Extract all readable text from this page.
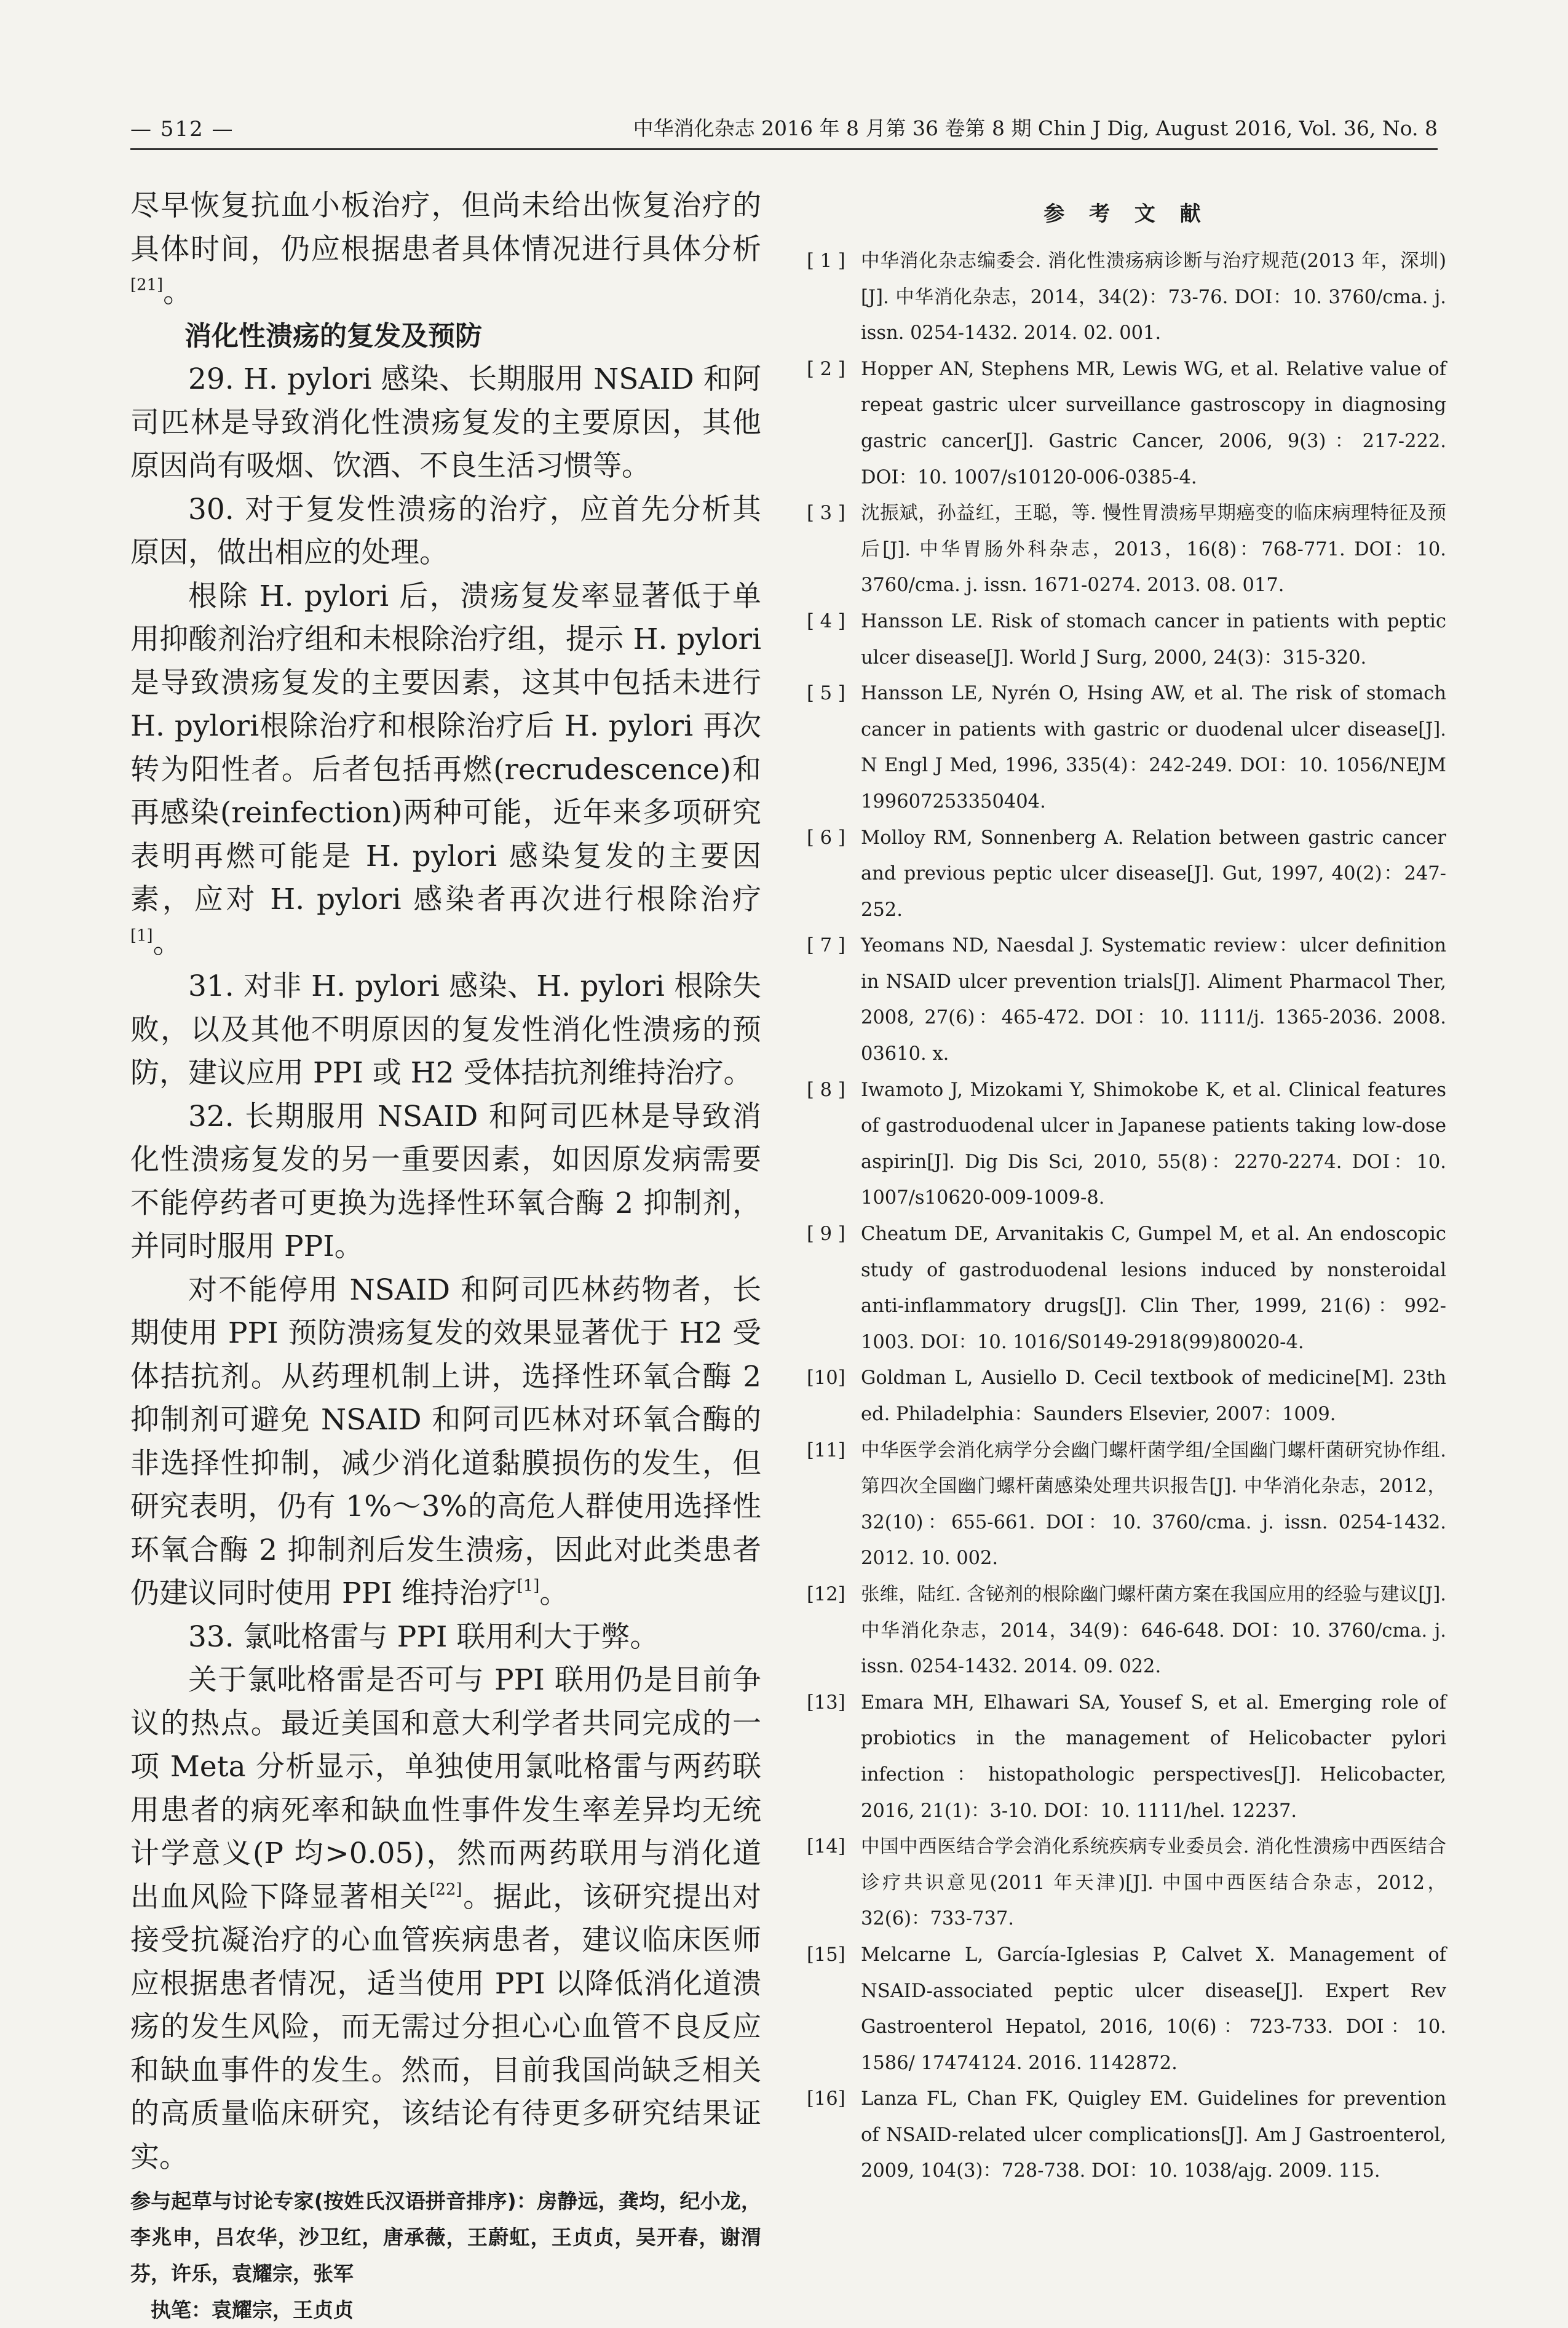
— 512 —	中华消化杂志 2016 年 8 月第 36 卷第 8 期 Chin J Dig, August 2016, Vol. 36, No. 8

尽早恢复抗血小板治疗，但尚未给出恢复治疗的具体时间，仍应根据患者具体情况进行具体分析[21]。

消化性溃疡的复发及预防

29. H. pylori 感染、长期服用 NSAID 和阿司匹林是导致消化性溃疡复发的主要原因，其他原因尚有吸烟、饮酒、不良生活习惯等。

30. 对于复发性溃疡的治疗，应首先分析其原因，做出相应的处理。

根除 H. pylori 后，溃疡复发率显著低于单用抑酸剂治疗组和未根除治疗组，提示 H. pylori 是导致溃疡复发的主要因素，这其中包括未进行 H. pylori根除治疗和根除治疗后 H. pylori 再次转为阳性者。后者包括再燃(recrudescence)和再感染(reinfection)两种可能，近年来多项研究表明再燃可能是 H. pylori 感染复发的主要因素，应对 H. pylori 感染者再次进行根除治疗[1]。

31. 对非 H. pylori 感染、H. pylori 根除失败，以及其他不明原因的复发性消化性溃疡的预防，建议应用 PPI 或 H2 受体拮抗剂维持治疗。

32. 长期服用 NSAID 和阿司匹林是导致消化性溃疡复发的另一重要因素，如因原发病需要不能停药者可更换为选择性环氧合酶 2 抑制剂，并同时服用 PPI。

对不能停用 NSAID 和阿司匹林药物者，长期使用 PPI 预防溃疡复发的效果显著优于 H2 受体拮抗剂。从药理机制上讲，选择性环氧合酶 2 抑制剂可避免 NSAID 和阿司匹林对环氧合酶的非选择性抑制，减少消化道黏膜损伤的发生，但研究表明，仍有 1%～3%的高危人群使用选择性环氧合酶 2 抑制剂后发生溃疡，因此对此类患者仍建议同时使用 PPI 维持治疗[1]。

33. 氯吡格雷与 PPI 联用利大于弊。

关于氯吡格雷是否可与 PPI 联用仍是目前争议的热点。最近美国和意大利学者共同完成的一项 Meta 分析显示，单独使用氯吡格雷与两药联用患者的病死率和缺血性事件发生率差异均无统计学意义(P 均>0.05)，然而两药联用与消化道出血风险下降显著相关[22]。据此，该研究提出对接受抗凝治疗的心血管疾病患者，建议临床医师应根据患者情况，适当使用 PPI 以降低消化道溃疡的发生风险，而无需过分担心心血管不良反应和缺血事件的发生。然而，目前我国尚缺乏相关的高质量临床研究，该结论有待更多研究结果证实。

参与起草与讨论专家(按姓氏汉语拼音排序)：房静远，龚均，纪小龙，李兆申，吕农华，沙卫红，唐承薇，王蔚虹，王贞贞，吴开春，谢渭芬，许乐，袁耀宗，张军

执笔：袁耀宗，王贞贞

参 考 文 献
[ 1 ] 中华消化杂志编委会. 消化性溃疡病诊断与治疗规范(2013 年，深圳)[J]. 中华消化杂志，2014，34(2)：73-76. DOI：10. 3760/cma. j. issn. 0254-1432. 2014. 02. 001.
[ 2 ] Hopper AN, Stephens MR, Lewis WG, et al. Relative value of repeat gastric ulcer surveillance gastroscopy in diagnosing gastric cancer[J]. Gastric Cancer, 2006, 9(3)：217-222. DOI：10. 1007/s10120-006-0385-4.
[ 3 ] 沈振斌，孙益红，王聪，等. 慢性胃溃疡早期癌变的临床病理特征及预后[J]. 中华胃肠外科杂志，2013，16(8)：768-771. DOI：10. 3760/cma. j. issn. 1671-0274. 2013. 08. 017.
[ 4 ] Hansson LE. Risk of stomach cancer in patients with peptic ulcer disease[J]. World J Surg, 2000, 24(3)：315-320.
[ 5 ] Hansson LE, Nyrén O, Hsing AW, et al. The risk of stomach cancer in patients with gastric or duodenal ulcer disease[J]. N Engl J Med, 1996, 335(4)：242-249. DOI：10. 1056/NEJM 199607253350404.
[ 6 ] Molloy RM, Sonnenberg A. Relation between gastric cancer and previous peptic ulcer disease[J]. Gut, 1997, 40(2)：247-252.
[ 7 ] Yeomans ND, Naesdal J. Systematic review：ulcer definition in NSAID ulcer prevention trials[J]. Aliment Pharmacol Ther, 2008, 27(6)：465-472. DOI：10. 1111/j. 1365-2036. 2008. 03610. x.
[ 8 ] Iwamoto J, Mizokami Y, Shimokobe K, et al. Clinical features of gastroduodenal ulcer in Japanese patients taking low-dose aspirin[J]. Dig Dis Sci, 2010, 55(8)：2270-2274. DOI：10. 1007/s10620-009-1009-8.
[ 9 ] Cheatum DE, Arvanitakis C, Gumpel M, et al. An endoscopic study of gastroduodenal lesions induced by nonsteroidal anti-inflammatory drugs[J]. Clin Ther, 1999, 21(6)：992-1003. DOI：10. 1016/S0149-2918(99)80020-4.
[10] Goldman L, Ausiello D. Cecil textbook of medicine[M]. 23th ed. Philadelphia：Saunders Elsevier, 2007：1009.
[11] 中华医学会消化病学分会幽门螺杆菌学组/全国幽门螺杆菌研究协作组. 第四次全国幽门螺杆菌感染处理共识报告[J]. 中华消化杂志，2012，32(10)：655-661. DOI：10. 3760/cma. j. issn. 0254-1432. 2012. 10. 002.
[12] 张维，陆红. 含铋剂的根除幽门螺杆菌方案在我国应用的经验与建议[J]. 中华消化杂志，2014，34(9)：646-648. DOI：10. 3760/cma. j. issn. 0254-1432. 2014. 09. 022.
[13] Emara MH, Elhawari SA, Yousef S, et al. Emerging role of probiotics in the management of Helicobacter pylori infection：histopathologic perspectives[J]. Helicobacter, 2016, 21(1)：3-10. DOI：10. 1111/hel. 12237.
[14] 中国中西医结合学会消化系统疾病专业委员会. 消化性溃疡中西医结合诊疗共识意见(2011 年天津)[J]. 中国中西医结合杂志，2012，32(6)：733-737.
[15] Melcarne L, García-Iglesias P, Calvet X. Management of NSAID-associated peptic ulcer disease[J]. Expert Rev Gastroenterol Hepatol, 2016, 10(6)：723-733. DOI：10. 1586/ 17474124. 2016. 1142872.
[16] Lanza FL, Chan FK, Quigley EM. Guidelines for prevention of NSAID-related ulcer complications[J]. Am J Gastroenterol, 2009, 104(3)：728-738. DOI：10. 1038/ajg. 2009. 115.
